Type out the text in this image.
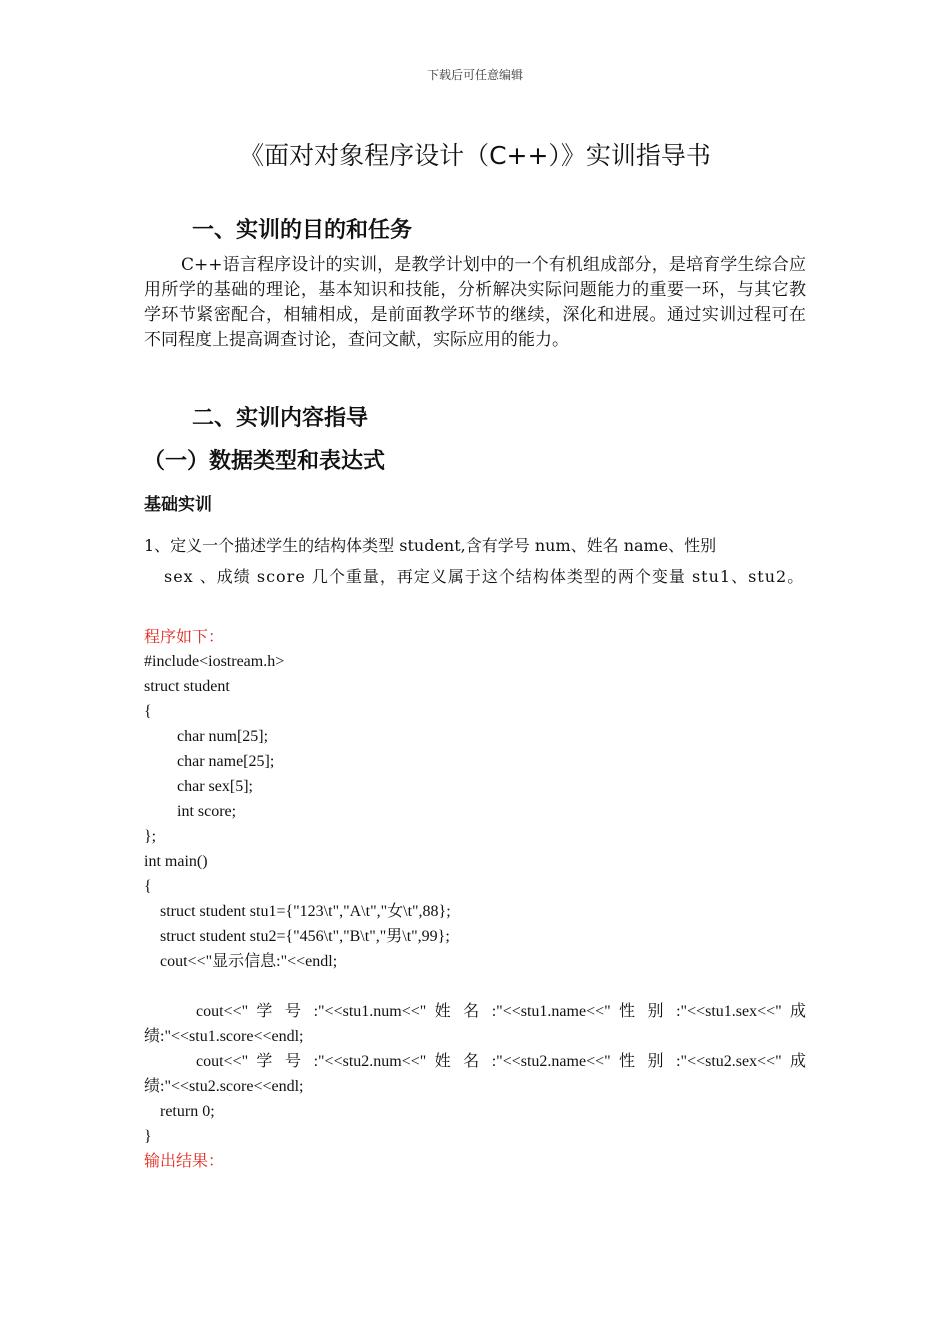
下载后可任意编辑
《面对对象程序设计（C++）》实训指导书
一、实训的目的和任务

C++语言程序设计的实训，是教学计划中的一个有机组成部分，是培育学生综合应用所学的基础的理论，基本知识和技能，分析解决实际问题能力的重要一环，与其它教学环节紧密配合，相辅相成，是前面教学环节的继续，深化和进展。通过实训过程可在不同程度上提高调查讨论，查问文献，实际应用的能力。

二、实训内容指导
（一）数据类型和表达式
基础实训

1、定义一个描述学生的结构体类型 student,含有学号 num、姓名 name、性别
sex 、成绩 score 几个重量，再定义属于这个结构体类型的两个变量 stu1、stu2。

程序如下：

#include<iostream.h>
struct student
{
char num[25];
char name[25];
char sex[5];
int score;
};
int main()
{
struct student stu1={"123\t","A\t","女\t",88};
struct student stu2={"456\t","B\t","男\t",99};
cout<<"显示信息:"<<endl;
cout<<" 学 号 :"<<stu1.num<<" 姓 名 :"<<stu1.name<<" 性 别 :"<<stu1.sex<<" 成
绩:"<<stu1.score<<endl;
cout<<" 学 号 :"<<stu2.num<<" 姓 名 :"<<stu2.name<<" 性 别 :"<<stu2.sex<<" 成
绩:"<<stu2.score<<endl;
return 0;
}

输出结果：
